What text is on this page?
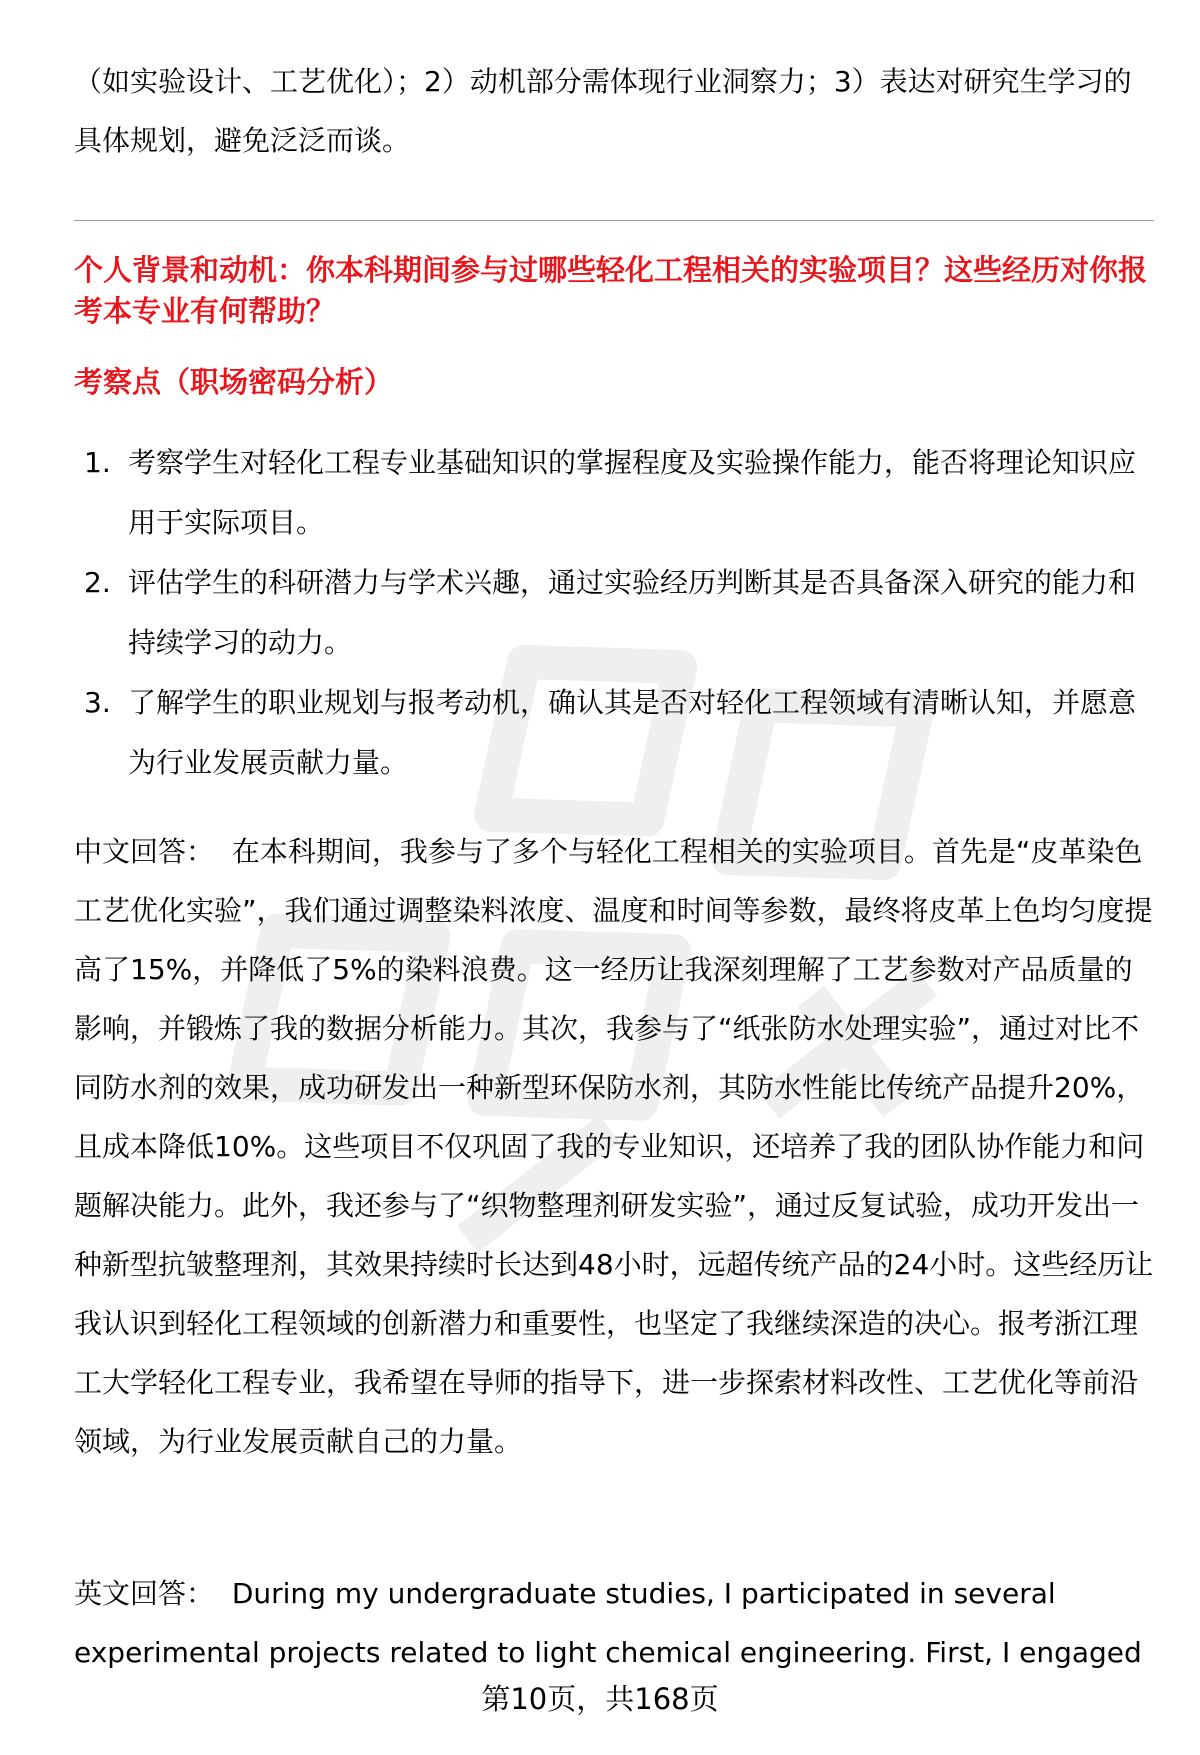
（如实验设计、工艺优化）；2）动机部分需体现行业洞察力；3）表达对研究生学习的具体规划，避免泛泛而谈。

个人背景和动机：你本科期间参与过哪些轻化工程相关的实验项目？这些经历对你报考本专业有何帮助？

考察点（职场密码分析）

1. 考察学生对轻化工程专业基础知识的掌握程度及实验操作能力，能否将理论知识应用于实际项目。
2. 评估学生的科研潜力与学术兴趣，通过实验经历判断其是否具备深入研究的能力和持续学习的动力。
3. 了解学生的职业规划与报考动机，确认其是否对轻化工程领域有清晰认知，并愿意为行业发展贡献力量。

中文回答： 在本科期间，我参与了多个与轻化工程相关的实验项目。首先是“皮革染色工艺优化实验”，我们通过调整染料浓度、温度和时间等参数，最终将皮革上色均匀度提高了15%，并降低了5%的染料浪费。这一经历让我深刻理解了工艺参数对产品质量的影响，并锻炼了我的数据分析能力。其次，我参与了“纸张防水处理实验”，通过对比不同防水剂的效果，成功研发出一种新型环保防水剂，其防水性能比传统产品提升20%，且成本降低10%。这些项目不仅巩固了我的专业知识，还培养了我的团队协作能力和问题解决能力。此外，我还参与了“织物整理剂研发实验”，通过反复试验，成功开发出一种新型抗皱整理剂，其效果持续时长达到48小时，远超传统产品的24小时。这些经历让我认识到轻化工程领域的创新潜力和重要性，也坚定了我继续深造的决心。报考浙江理工大学轻化工程专业，我希望在导师的指导下，进一步探索材料改性、工艺优化等前沿领域，为行业发展贡献自己的力量。

英文回答： During my undergraduate studies, I participated in several experimental projects related to light chemical engineering. First, I engaged

第10页，共168页
